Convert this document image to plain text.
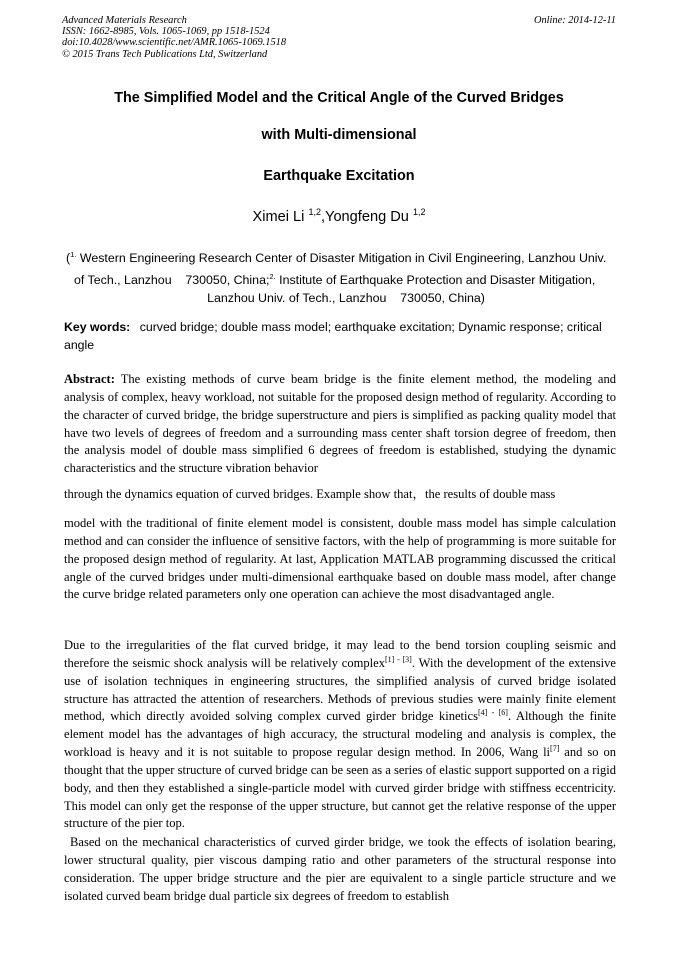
Advanced Materials Research
ISSN: 1662-8985, Vols. 1065-1069, pp 1518-1524
doi:10.4028/www.scientific.net/AMR.1065-1069.1518
© 2015 Trans Tech Publications Ltd, Switzerland
Online: 2014-12-11
The Simplified Model and the Critical Angle of the Curved Bridges
with Multi-dimensional
Earthquake Excitation
Ximei Li $^{1,2}$,Yongfeng Du $^{1,2}$
($^{1.}$ Western Engineering Research Center of Disaster Mitigation in Civil Engineering, Lanzhou Univ.
of Tech., Lanzhou    730050, China;$^{2.}$ Institute of Earthquake Protection and Disaster Mitigation,
Lanzhou Univ. of Tech., Lanzhou    730050, China)
Key words: curved bridge; double mass model; earthquake excitation; Dynamic response; critical angle
Abstract: The existing methods of curve beam bridge is the finite element method, the modeling and analysis of complex, heavy workload, not suitable for the proposed design method of regularity. According to the character of curved bridge, the bridge superstructure and piers is simplified as packing quality model that have two levels of degrees of freedom and a surrounding mass center shaft torsion degree of freedom, then the analysis model of double mass simplified 6 degrees of freedom is established, studying the dynamic characteristics and the structure vibration behavior
through the dynamics equation of curved bridges. Example show that，the results of double mass
model with the traditional of finite element model is consistent, double mass model has simple calculation method and can consider the influence of sensitive factors, with the help of programming is more suitable for the proposed design method of regularity. At last, Application MATLAB programming discussed the critical angle of the curved bridges under multi-dimensional earthquake based on double mass model, after change the curve bridge related parameters only one operation can achieve the most disadvantaged angle.
Due to the irregularities of the flat curved bridge, it may lead to the bend torsion coupling seismic and therefore the seismic shock analysis will be relatively complex[1] - [3]. With the development of the extensive use of isolation techniques in engineering structures, the simplified analysis of curved bridge isolated structure has attracted the attention of researchers. Methods of previous studies were mainly finite element method, which directly avoided solving complex curved girder bridge kinetics[4] - [6]. Although the finite element model has the advantages of high accuracy, the structural modeling and analysis is complex, the workload is heavy and it is not suitable to propose regular design method. In 2006, Wang li[7] and so on thought that the upper structure of curved bridge can be seen as a series of elastic support supported on a rigid body, and then they established a single-particle model with curved girder bridge with stiffness eccentricity. This model can only get the response of the upper structure, but cannot get the relative response of the upper structure of the pier top.
Based on the mechanical characteristics of curved girder bridge, we took the effects of isolation bearing, lower structural quality, pier viscous damping ratio and other parameters of the structural response into consideration. The upper bridge structure and the pier are equivalent to a single particle structure and we isolated curved beam bridge dual particle six degrees of freedom to establish
